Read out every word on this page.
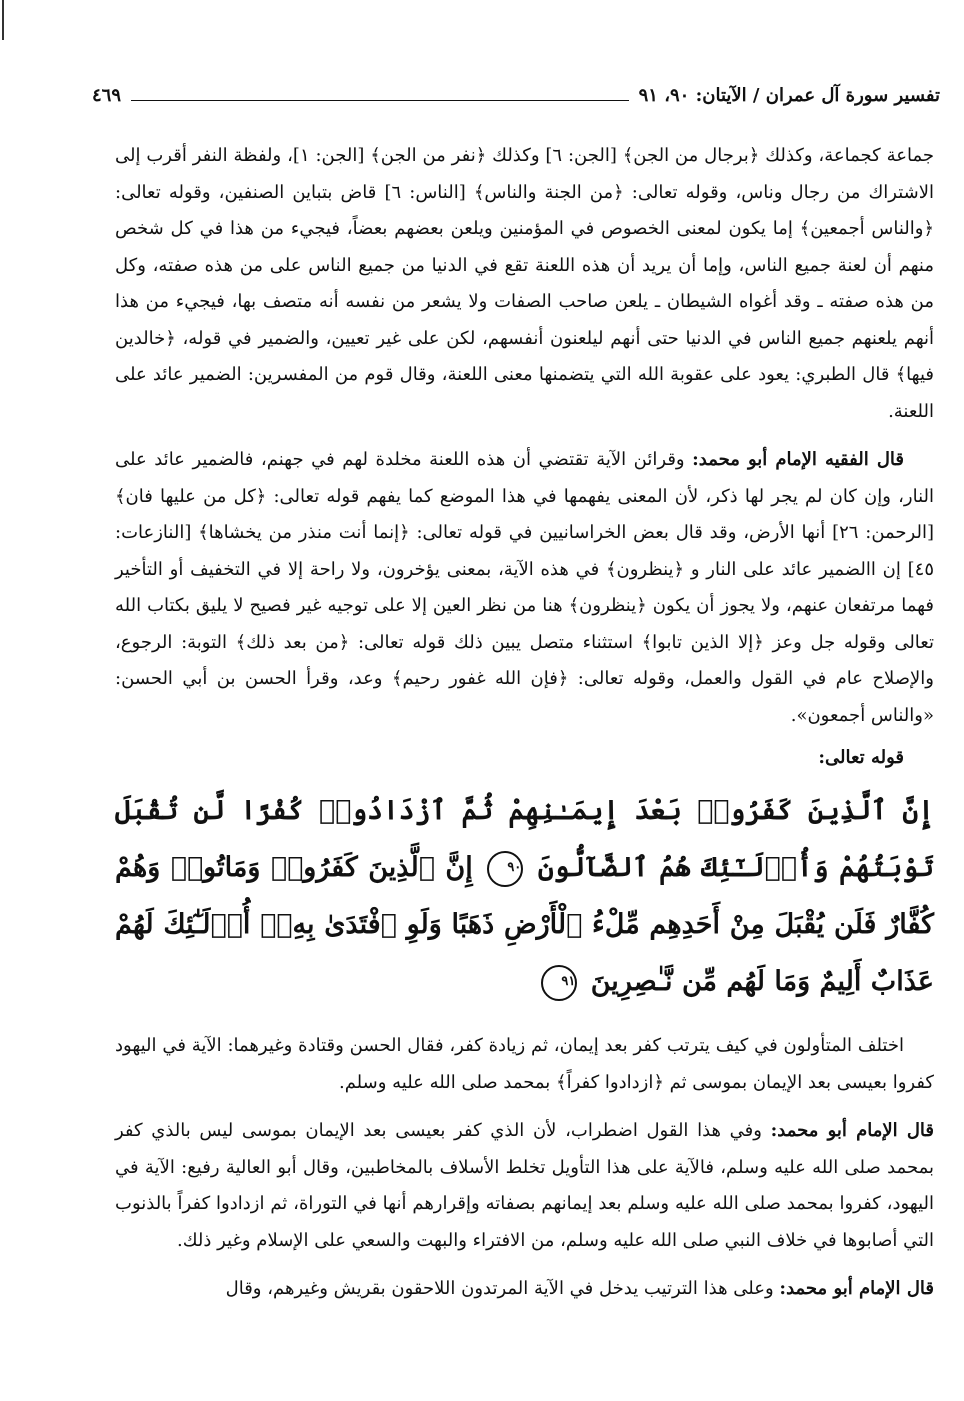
تفسير سورة آل عمران / الآيتان: ٩٠، ٩١
٤٦٩

جماعة كجماعة، وكذلك ﴿برجال من الجن﴾ [الجن: ٦] وكذلك ﴿نفر من الجن﴾ [الجن: ١]، ولفظة النفر أقرب إلى الاشتراك من رجال وناس، وقوله تعالى: ﴿من الجنة والناس﴾ [الناس: ٦] قاض بتباين الصنفين، وقوله تعالى: ﴿والناس أجمعين﴾ إما يكون لمعنى الخصوص في المؤمنين ويلعن بعضهم بعضاً، فيجيء من هذا في كل شخص منهم أن لعنة جميع الناس، وإما أن يريد أن هذه اللعنة تقع في الدنيا من جميع الناس على من هذه صفته، وكل من هذه صفته ـ وقد أغواه الشيطان ـ يلعن صاحب الصفات ولا يشعر من نفسه أنه متصف بها، فيجيء من هذا أنهم يلعنهم جميع الناس في الدنيا حتى أنهم ليلعنون أنفسهم، لكن على غير تعيين، والضمير في قوله، ﴿خالدين فيها﴾ قال الطبري: يعود على عقوبة الله التي يتضمنها معنى اللعنة، وقال قوم من المفسرين: الضمير عائد على اللعنة.

قال الفقيه الإمام أبو محمد: وقرائن الآية تقتضي أن هذه اللعنة مخلدة لهم في جهنم، فالضمير عائد على النار، وإن كان لم يجر لها ذكر، لأن المعنى يفهمها في هذا الموضع كما يفهم قوله تعالى: ﴿كل من عليها فان﴾ [الرحمن: ٢٦] أنها الأرض، وقد قال بعض الخراسانيين في قوله تعالى: ﴿إنما أنت منذر من يخشاها﴾ [النازعات: ٤٥] إن االضمير عائد على النار و ﴿ينظرون﴾ في هذه الآية، بمعنى يؤخرون، ولا راحة إلا في التخفيف أو التأخير فهما مرتفعان عنهم، ولا يجوز أن يكون ﴿ينظرون﴾ هنا من نظر العين إلا على توجيه غير فصيح لا يليق بكتاب الله تعالى وقوله جل وعز ﴿إلا الذين تابوا﴾ استثناء متصل يبين ذلك قوله تعالى: ﴿من بعد ذلك﴾ التوبة: الرجوع، والإصلاح عام في القول والعمل، وقوله تعالى: ﴿فإن الله غفور رحيم﴾ وعد، وقرأ الحسن بن أبي الحسن: «والناس أجمعون».

قوله تعالى:
إِنَّ ٱلَّذِينَ كَفَرُوا۟ بَعْدَ إِيمَـٰنِهِمْ ثُمَّ ٱزْدَادُوا۟ كُفْرًا لَّن تُقْبَلَ تَوْبَتُهُمْ وَأُو۟لَـٰٓئِكَ هُمُ ٱلضَّآلُّونَ ٩٠ إِنَّ ٱلَّذِينَ كَفَرُوا۟ وَمَاتُوا۟ وَهُمْ كُفَّارٌ فَلَن يُقْبَلَ مِنْ أَحَدِهِم مِّلْءُ ٱلْأَرْضِ ذَهَبًا وَلَوِ ٱفْتَدَىٰ بِهِۦٓ أُو۟لَـٰٓئِكَ لَهُمْ عَذَابٌ أَلِيمٌ وَمَا لَهُم مِّن نَّـٰصِرِينَ ٩١

اختلف المتأولون في كيف يترتب كفر بعد إيمان، ثم زيادة كفر، فقال الحسن وقتادة وغيرهما: الآية في اليهود كفروا بعيسى بعد الإيمان بموسى ثم ﴿ازدادوا كفراً﴾ بمحمد صلى الله عليه وسلم.

قال الإمام أبو محمد: وفي هذا القول اضطراب، لأن الذي كفر بعيسى بعد الإيمان بموسى ليس بالذي كفر بمحمد صلى الله عليه وسلم، فالآية على هذا التأويل تخلط الأسلاف بالمخاطبين، وقال أبو العالية رفيع: الآية في اليهود، كفروا بمحمد صلى الله عليه وسلم بعد إيمانهم بصفاته وإقرارهم أنها في التوراة، ثم ازدادوا كفراً بالذنوب التي أصابوها في خلاف النبي صلى الله عليه وسلم، من الافتراء والبهت والسعي على الإسلام وغير ذلك.

قال الإمام أبو محمد: وعلى هذا الترتيب يدخل في الآية المرتدون اللاحقون بقريش وغيرهم، وقال
